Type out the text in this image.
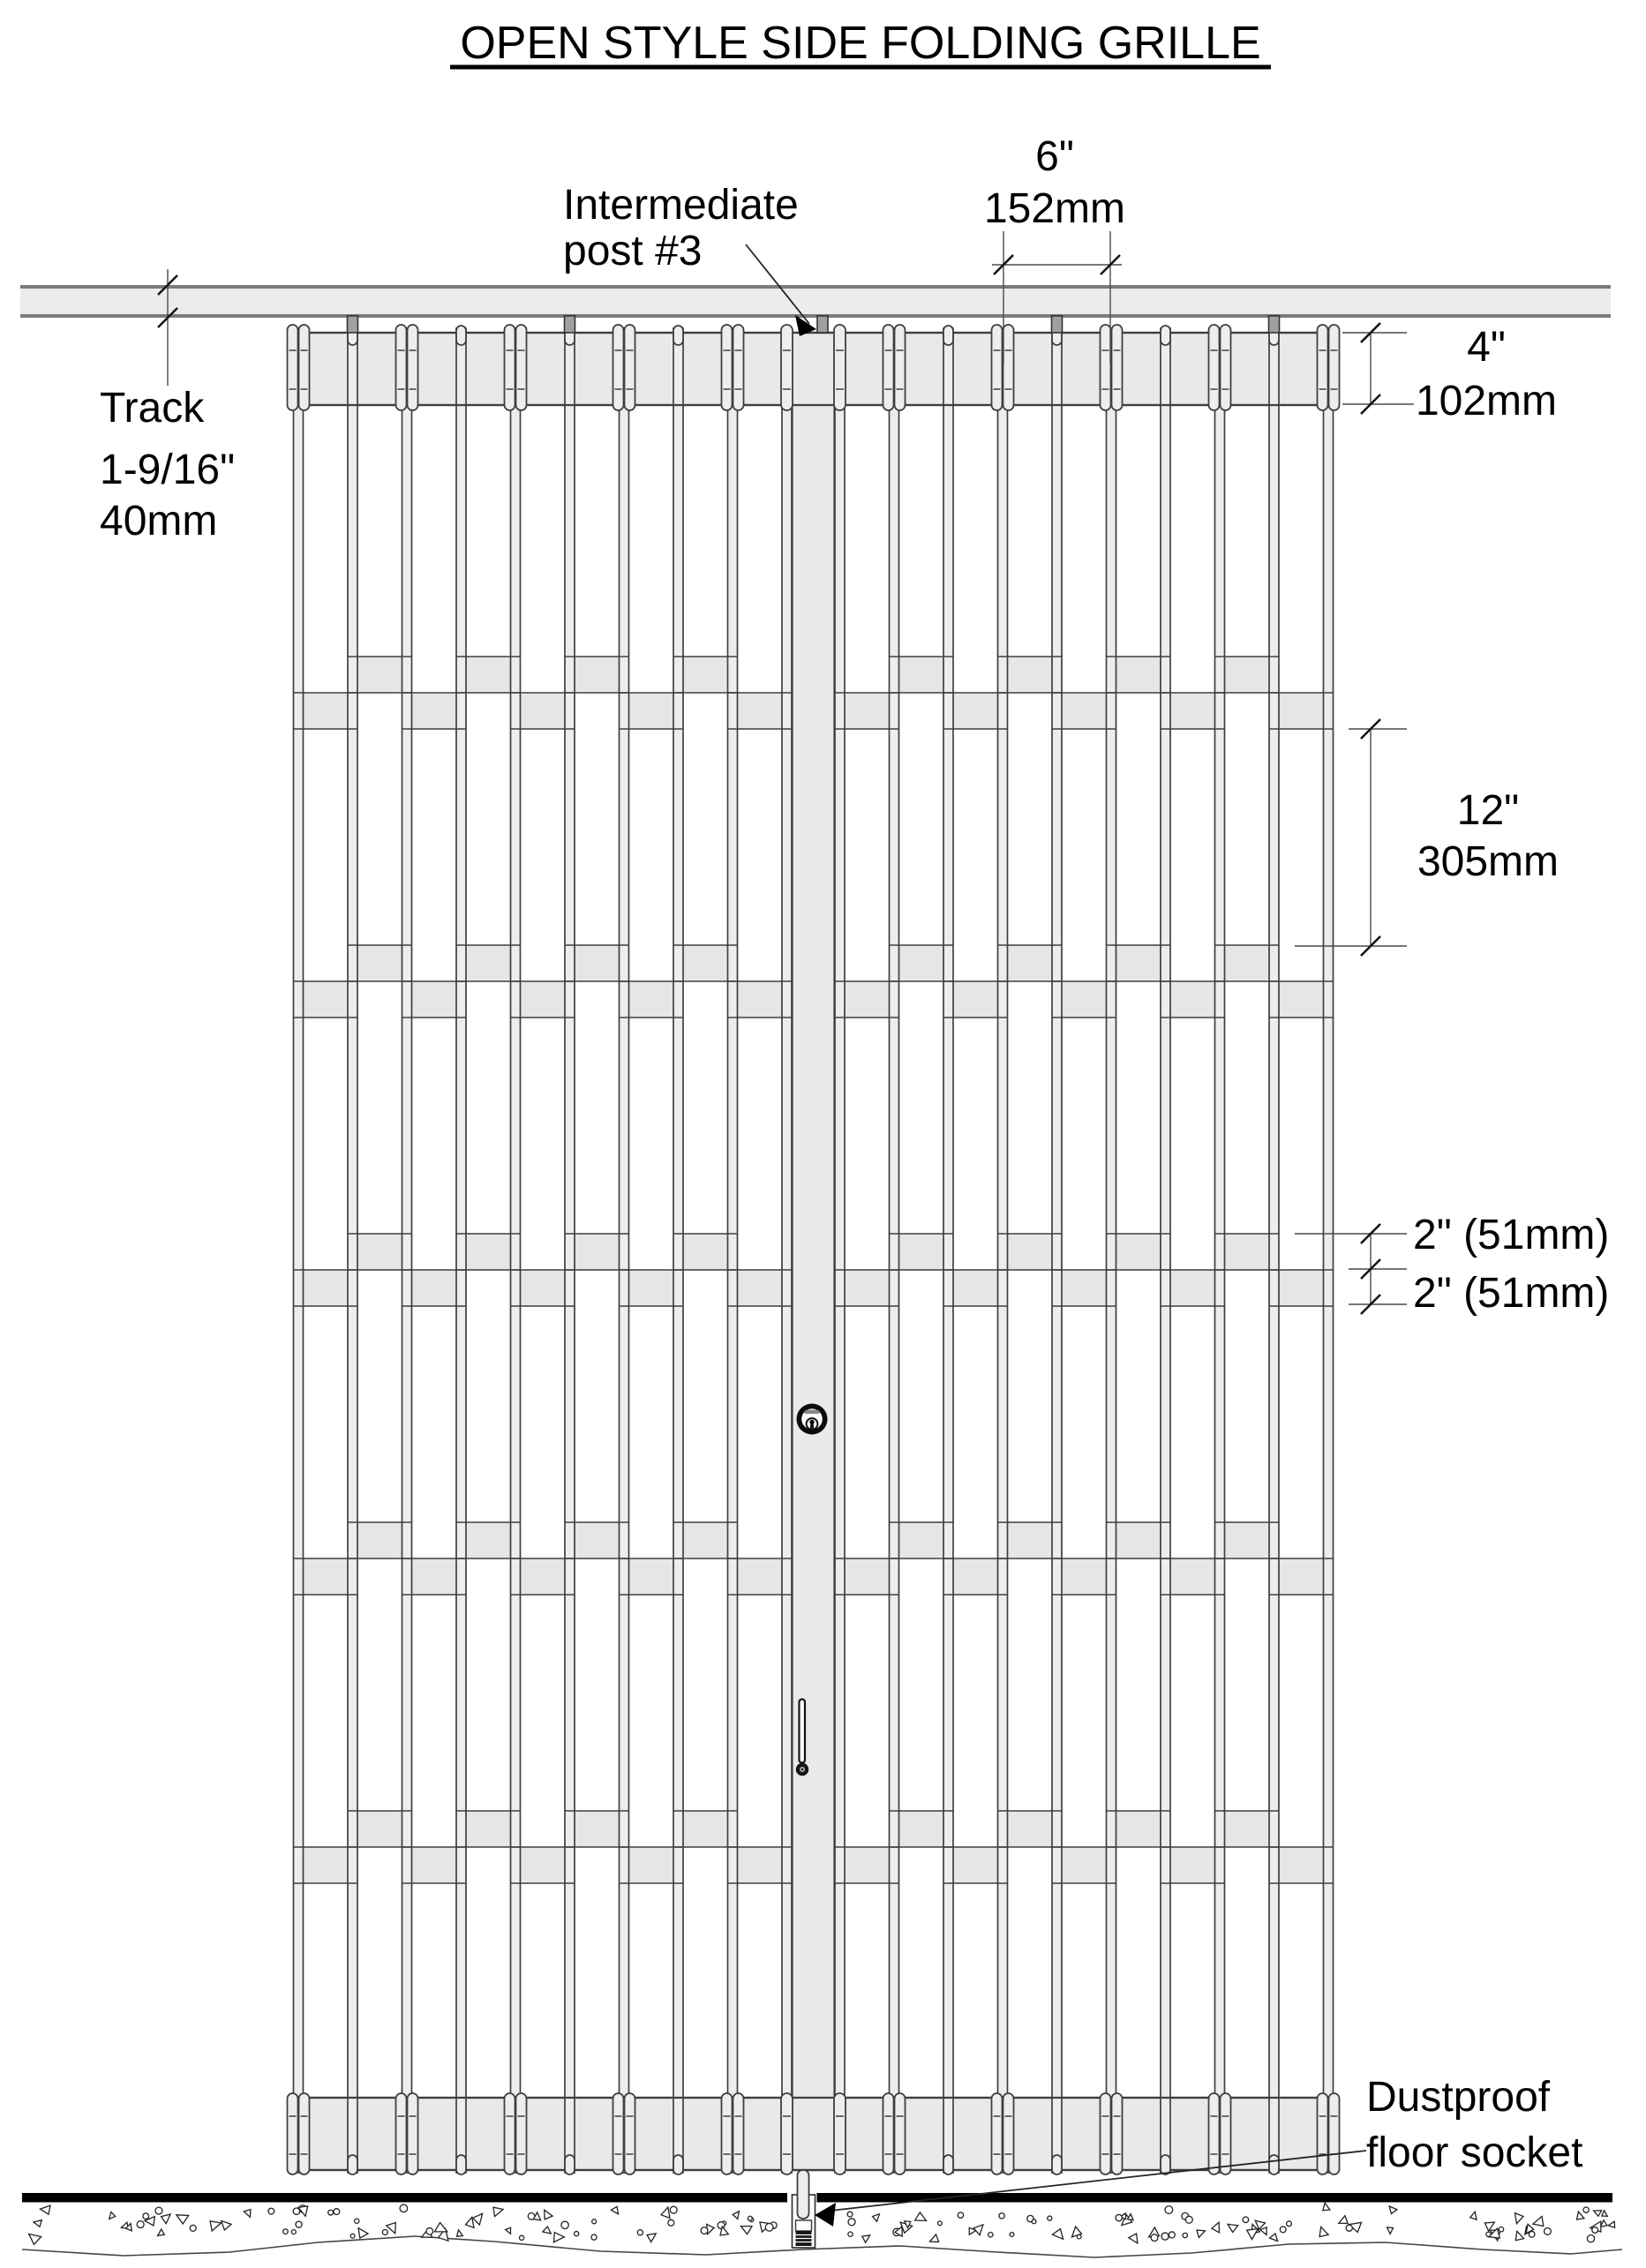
OPEN STYLE SIDE FOLDING GRILLE
Intermediate
post #3
6"
152mm
4"
102mm
Track
1-9/16"
40mm
12"
305mm
2" (51mm)
2" (51mm)
Dustproof
floor socket
